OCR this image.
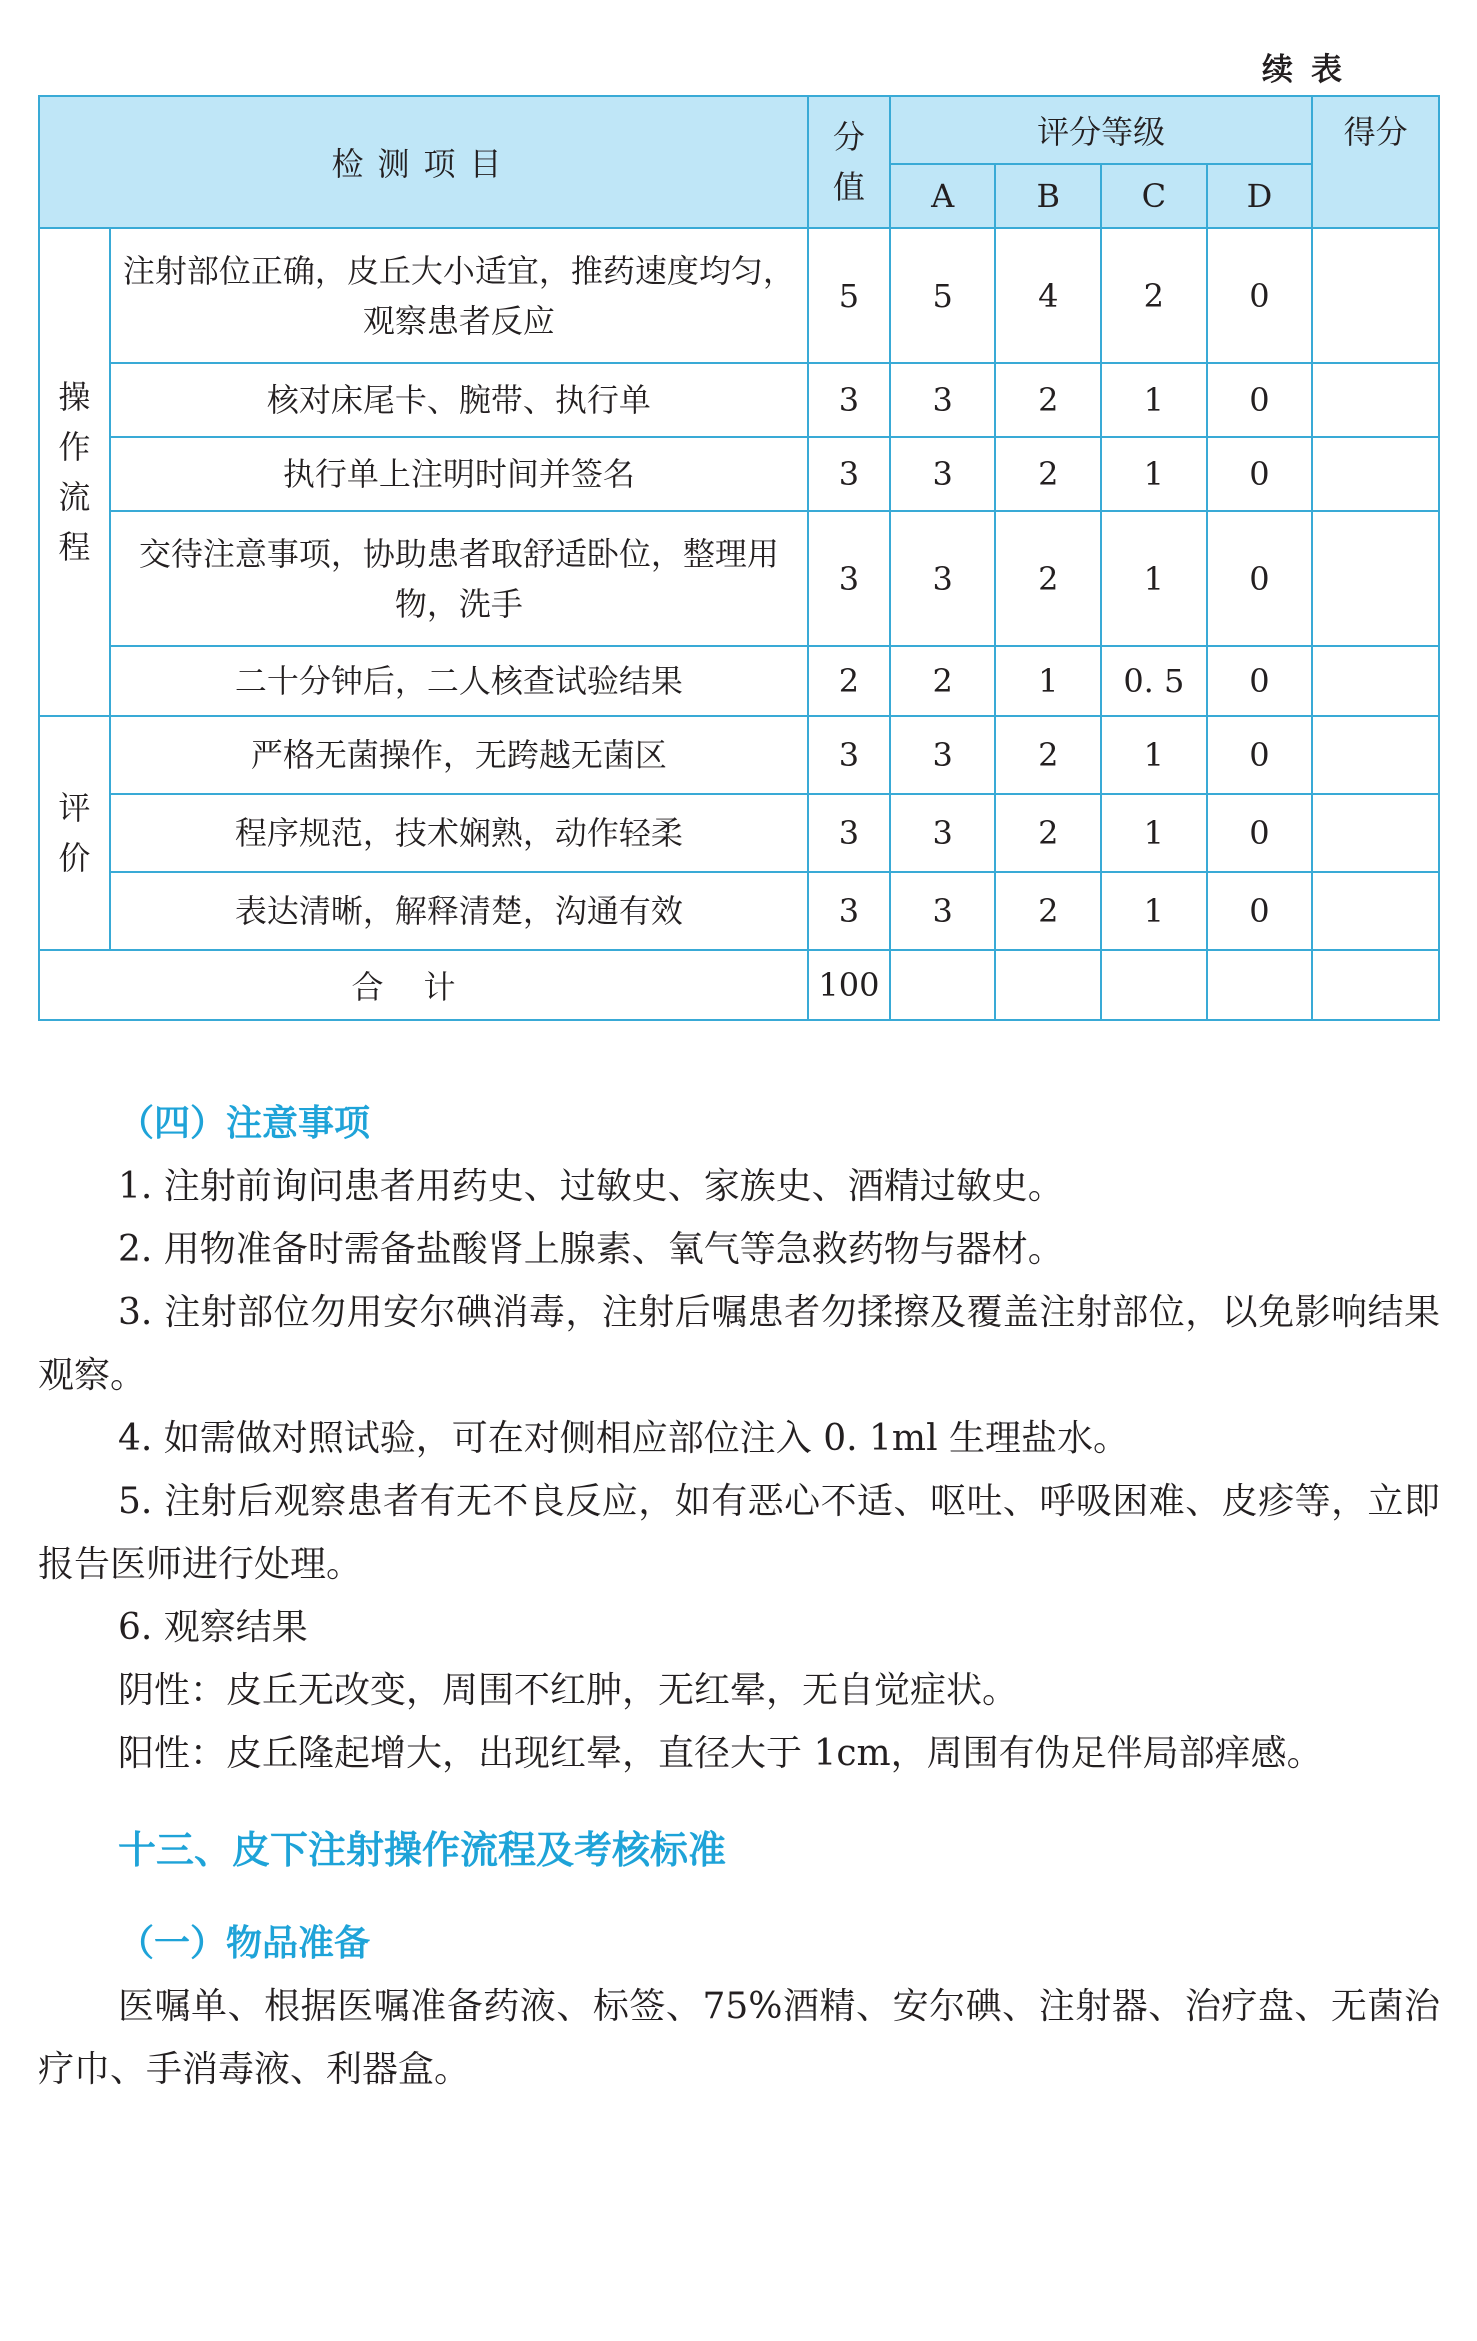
续表
检测项目		分
值	评分等级				得分
			A	B	C	D	

操
作
流
程	注射部位正确，皮丘大小适宜，推药速度均匀，观察患者反应	5	5	4	2	0	
	核对床尾卡、腕带、执行单	3	3	2	1	0	
	执行单上注明时间并签名	3	3	2	1	0	
	交待注意事项，协助患者取舒适卧位，整理用物，洗手	3	3	2	1	0	
	二十分钟后，二人核查试验结果	2	2	1	0. 5	0	

评
价	严格无菌操作，无跨越无菌区	3	3	2	1	0	
	程序规范，技术娴熟，动作轻柔	3	3	2	1	0	
	表达清晰，解释清楚，沟通有效	3	3	2	1	0	
合计		100					
（四）注意事项

1. 注射前询问患者用药史、过敏史、家族史、酒精过敏史。

2. 用物准备时需备盐酸肾上腺素、氧气等急救药物与器材。

3. 注射部位勿用安尔碘消毒，注射后嘱患者勿揉擦及覆盖注射部位，以免影响结果观察。

4. 如需做对照试验，可在对侧相应部位注入 0. 1ml 生理盐水。

5. 注射后观察患者有无不良反应，如有恶心不适、呕吐、呼吸困难、皮疹等，立即报告医师进行处理。

6. 观察结果

阴性：皮丘无改变，周围不红肿，无红晕，无自觉症状。

阳性：皮丘隆起增大，出现红晕，直径大于 1cm，周围有伪足伴局部痒感。

十三、皮下注射操作流程及考核标准
（一）物品准备

医嘱单、根据医嘱准备药液、标签、75%酒精、安尔碘、注射器、治疗盘、无菌治疗巾、手消毒液、利器盒。
